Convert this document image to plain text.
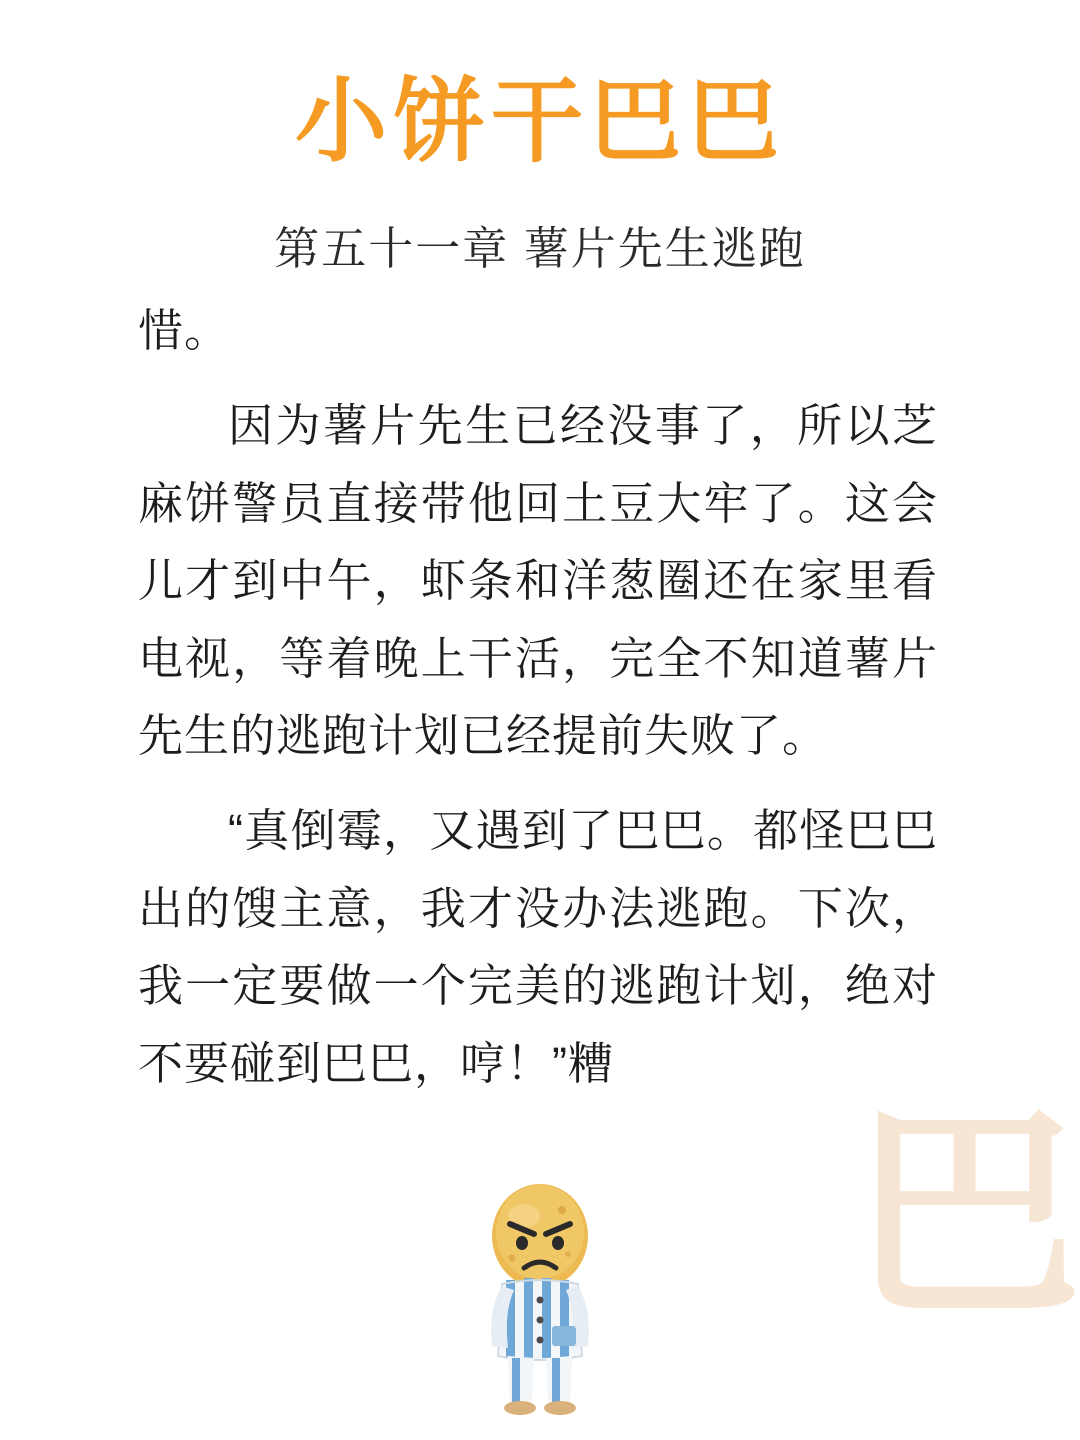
巴
小饼干巴巴
第五十一章 薯片先生逃跑

惜。

因为薯片先生已经没事了，所以芝麻饼警员直接带他回土豆大牢了。这会儿才到中午，虾条和洋葱圈还在家里看电视，等着晚上干活，完全不知道薯片先生的逃跑计划已经提前失败了。

“真倒霉，又遇到了巴巴。都怪巴巴出的馊主意，我才没办法逃跑。下次，我一定要做一个完美的逃跑计划，绝对不要碰到巴巴，哼！”糟
